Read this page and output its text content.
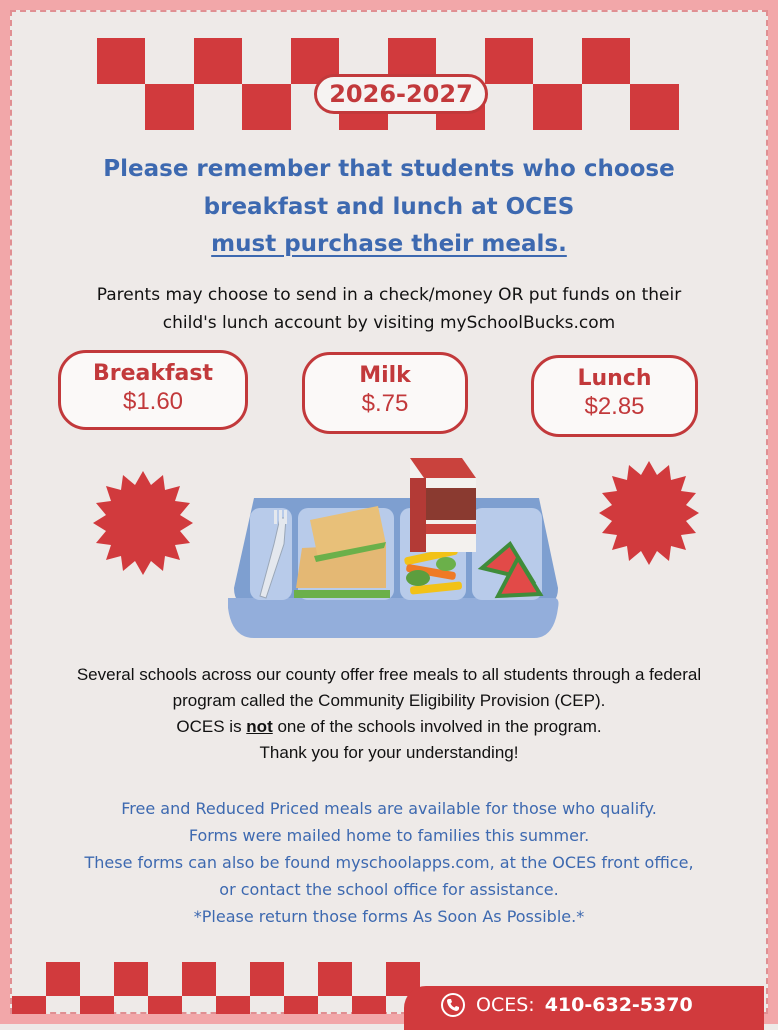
2026-2027
Please remember that students who choose
breakfast and lunch at OCES
must purchase their meals.
Parents may choose to send in a check/money OR put funds on their
child's lunch account by visiting mySchoolBucks.com
Breakfast
$1.60
Milk
$.75
Lunch
$2.85
Several schools across our county offer free meals to all students through a federal
program called the Community Eligibility Provision (CEP).
OCES is not one of the schools involved in the program.
Thank you for your understanding!
Free and Reduced Priced meals are available for those who qualify.
Forms were mailed home to families this summer.
These forms can also be found myschoolapps.com, at the OCES front office,
or contact the school office for assistance.
*Please return those forms As Soon As Possible.*
OCES: 410-632-5370
